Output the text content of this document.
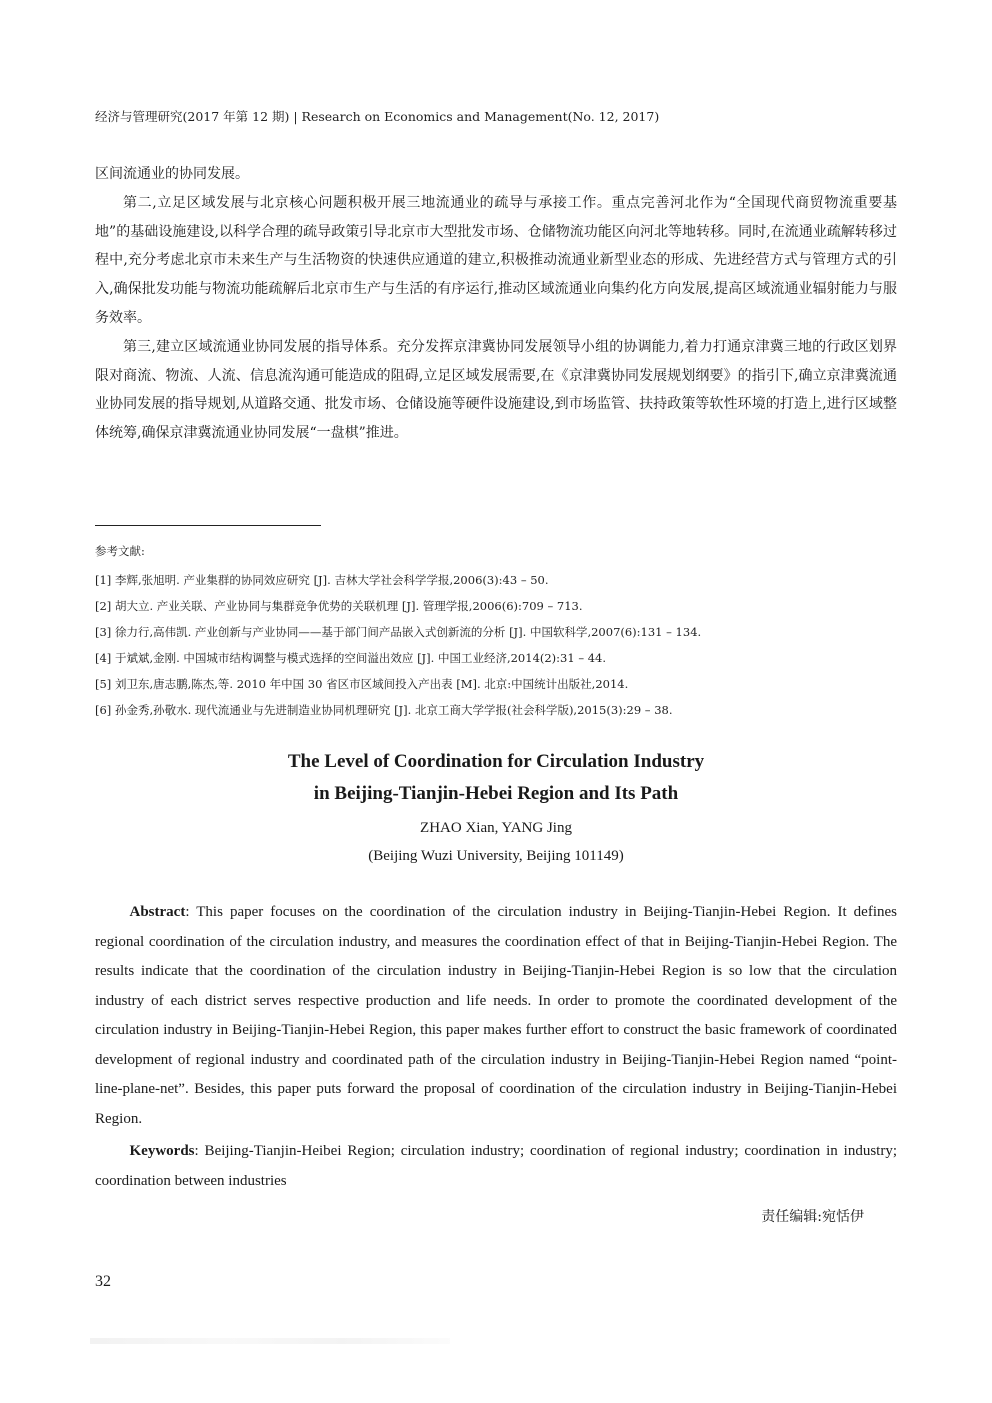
经济与管理研究(2017 年第 12 期) | Research on Economics and Management(No. 12, 2017)

区间流通业的协同发展。

第二,立足区域发展与北京核心问题积极开展三地流通业的疏导与承接工作。重点完善河北作为“全国现代商贸物流重要基地”的基础设施建设,以科学合理的疏导政策引导北京市大型批发市场、仓储物流功能区向河北等地转移。同时,在流通业疏解转移过程中,充分考虑北京市未来生产与生活物资的快速供应通道的建立,积极推动流通业新型业态的形成、先进经营方式与管理方式的引入,确保批发功能与物流功能疏解后北京市生产与生活的有序运行,推动区域流通业向集约化方向发展,提高区域流通业辐射能力与服务效率。

第三,建立区域流通业协同发展的指导体系。充分发挥京津冀协同发展领导小组的协调能力,着力打通京津冀三地的行政区划界限对商流、物流、人流、信息流沟通可能造成的阻碍,立足区域发展需要,在《京津冀协同发展规划纲要》的指引下,确立京津冀流通业协同发展的指导规划,从道路交通、批发市场、仓储设施等硬件设施建设,到市场监管、扶持政策等软性环境的打造上,进行区域整体统筹,确保京津冀流通业协同发展“一盘棋”推进。

参考文献:

[1] 李辉,张旭明. 产业集群的协同效应研究 [J]. 吉林大学社会科学学报,2006(3):43 – 50.
[2] 胡大立. 产业关联、产业协同与集群竞争优势的关联机理 [J]. 管理学报,2006(6):709 – 713.
[3] 徐力行,高伟凯. 产业创新与产业协同——基于部门间产品嵌入式创新流的分析 [J]. 中国软科学,2007(6):131 – 134.
[4] 于斌斌,金刚. 中国城市结构调整与模式选择的空间溢出效应 [J]. 中国工业经济,2014(2):31 – 44.
[5] 刘卫东,唐志鹏,陈杰,等. 2010 年中国 30 省区市区域间投入产出表 [M]. 北京:中国统计出版社,2014.
[6] 孙金秀,孙敬水. 现代流通业与先进制造业协同机理研究 [J]. 北京工商大学学报(社会科学版),2015(3):29 – 38.

The Level of Coordination for Circulation Industry

in Beijing-Tianjin-Hebei Region and Its Path

ZHAO Xian, YANG Jing

(Beijing Wuzi University, Beijing 101149)

Abstract: This paper focuses on the coordination of the circulation industry in Beijing-Tianjin-Hebei Region. It defines regional coordination of the circulation industry, and measures the coordination effect of that in Beijing-Tianjin-Hebei Region. The results indicate that the coordination of the circulation industry in Beijing-Tianjin-Hebei Region is so low that the circulation industry of each district serves respective production and life needs. In order to promote the coordinated development of the circulation industry in Beijing-Tianjin-Hebei Region, this paper makes further effort to construct the basic framework of coordinated development of regional industry and coordinated path of the circulation industry in Beijing-Tianjin-Hebei Region named “point-line-plane-net”. Besides, this paper puts forward the proposal of coordination of the circulation industry in Beijing-Tianjin-Hebei Region.

Keywords: Beijing-Tianjin-Heibei Region; circulation industry; coordination of regional industry; coordination in industry; coordination between industries

责任编辑:宛恬伊
32
